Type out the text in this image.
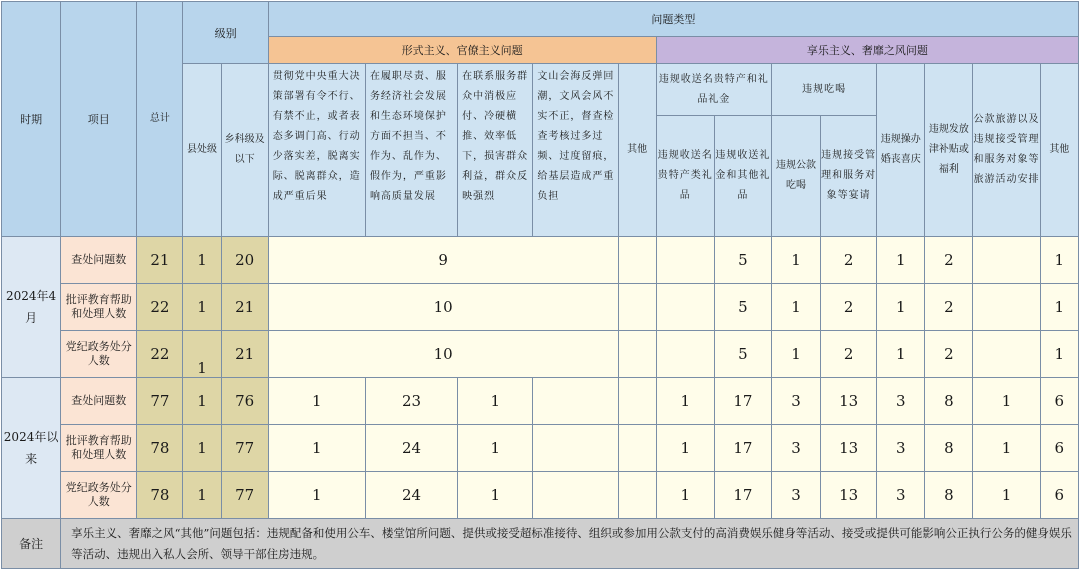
时期	项目	总计	级别		问题类型												
					形式主义、官僚主义问题					享乐主义、奢靡之风问题							
			县处级	乡科级及以下	贯彻党中央重大决策部署有令不行、有禁不止，或者表态多调门高、行动少落实差，脱离实际、脱离群众，造成严重后果	在履职尽责、服务经济社会发展和生态环境保护方面不担当、不作为、乱作为、假作为，严重影响高质量发展	在联系服务群众中消极应付、冷硬横推、效率低下，损害群众利益，群众反映强烈	文山会海反弹回潮，文风会风不实不正，督查检查考核过多过频、过度留痕，给基层造成严重负担	其他	违规收送名贵特产和礼品礼金		违规吃喝		违规操办婚丧喜庆	违规发放津补贴或福利	公款旅游以及违规接受管理和服务对象等旅游活动安排	其他
										违规收送名贵特产类礼品	违规收送礼金和其他礼品	违规公款吃喝	违规接受管理和服务对象等宴请				
2024年4月	查处问题数	21	1	20	9						5	1	2	1	2		1
	批评教育帮助和处理人数	22	1	21	10						5	1	2	1	2		1
	党纪政务处分人数	22	1	21	10						5	1	2	1	2		1
2024年以来	查处问题数	77	1	76	1	23	1			1	17	3	13	3	8	1	6
	批评教育帮助和处理人数	78	1	77	1	24	1			1	17	3	13	3	8	1	6
	党纪政务处分人数	78	1	77	1	24	1			1	17	3	13	3	8	1	6
备注	享乐主义、奢靡之风“其他”问题包括：违规配备和使用公车、楼堂馆所问题、提供或接受超标准接待、组织或参加用公款支付的高消费娱乐健身等活动、接受或提供可能影响公正执行公务的健身娱乐等活动、违规出入私人会所、领导干部住房违规。																
